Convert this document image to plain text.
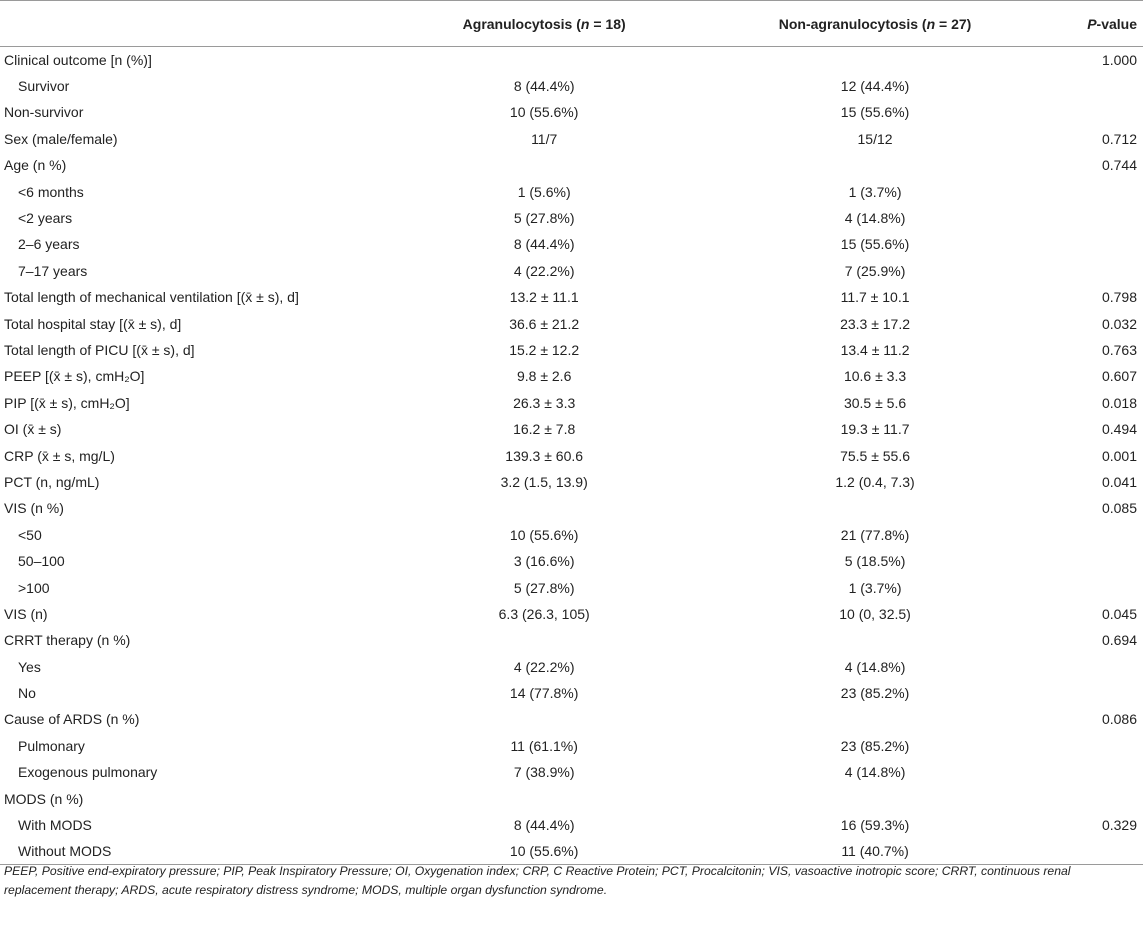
	Agranulocytosis (n = 18)	Non-agranulocytosis (n = 27)	P-value
Clinical outcome [n (%)]			1.000
Survivor	8 (44.4%)	12 (44.4%)	
Non-survivor	10 (55.6%)	15 (55.6%)	
Sex (male/female)	11/7	15/12	0.712
Age (n %)			0.744
<6 months	1 (5.6%)	1 (3.7%)	
<2 years	5 (27.8%)	4 (14.8%)	
2–6 years	8 (44.4%)	15 (55.6%)	
7–17 years	4 (22.2%)	7 (25.9%)	
Total length of mechanical ventilation [(x̄ ± s), d]	13.2 ± 11.1	11.7 ± 10.1	0.798
Total hospital stay [(x̄ ± s), d]	36.6 ± 21.2	23.3 ± 17.2	0.032
Total length of PICU [(x̄ ± s), d]	15.2 ± 12.2	13.4 ± 11.2	0.763
PEEP [(x̄ ± s), cmH₂O]	9.8 ± 2.6	10.6 ± 3.3	0.607
PIP [(x̄ ± s), cmH₂O]	26.3 ± 3.3	30.5 ± 5.6	0.018
OI (x̄ ± s)	16.2 ± 7.8	19.3 ± 11.7	0.494
CRP (x̄ ± s, mg/L)	139.3 ± 60.6	75.5 ± 55.6	0.001
PCT (n, ng/mL)	3.2 (1.5, 13.9)	1.2 (0.4, 7.3)	0.041
VIS (n %)			0.085
<50	10 (55.6%)	21 (77.8%)	
50–100	3 (16.6%)	5 (18.5%)	
>100	5 (27.8%)	1 (3.7%)	
VIS (n)	6.3 (26.3, 105)	10 (0, 32.5)	0.045
CRRT therapy (n %)			0.694
Yes	4 (22.2%)	4 (14.8%)	
No	14 (77.8%)	23 (85.2%)	
Cause of ARDS (n %)			0.086
Pulmonary	11 (61.1%)	23 (85.2%)	
Exogenous pulmonary	7 (38.9%)	4 (14.8%)	
MODS (n %)			
With MODS	8 (44.4%)	16 (59.3%)	0.329
Without MODS	10 (55.6%)	11 (40.7%)	
PEEP, Positive end-expiratory pressure; PIP, Peak Inspiratory Pressure; OI, Oxygenation index; CRP, C Reactive Protein; PCT, Procalcitonin; VIS, vasoactive inotropic score; CRRT, continuous renal replacement therapy; ARDS, acute respiratory distress syndrome; MODS, multiple organ dysfunction syndrome.
